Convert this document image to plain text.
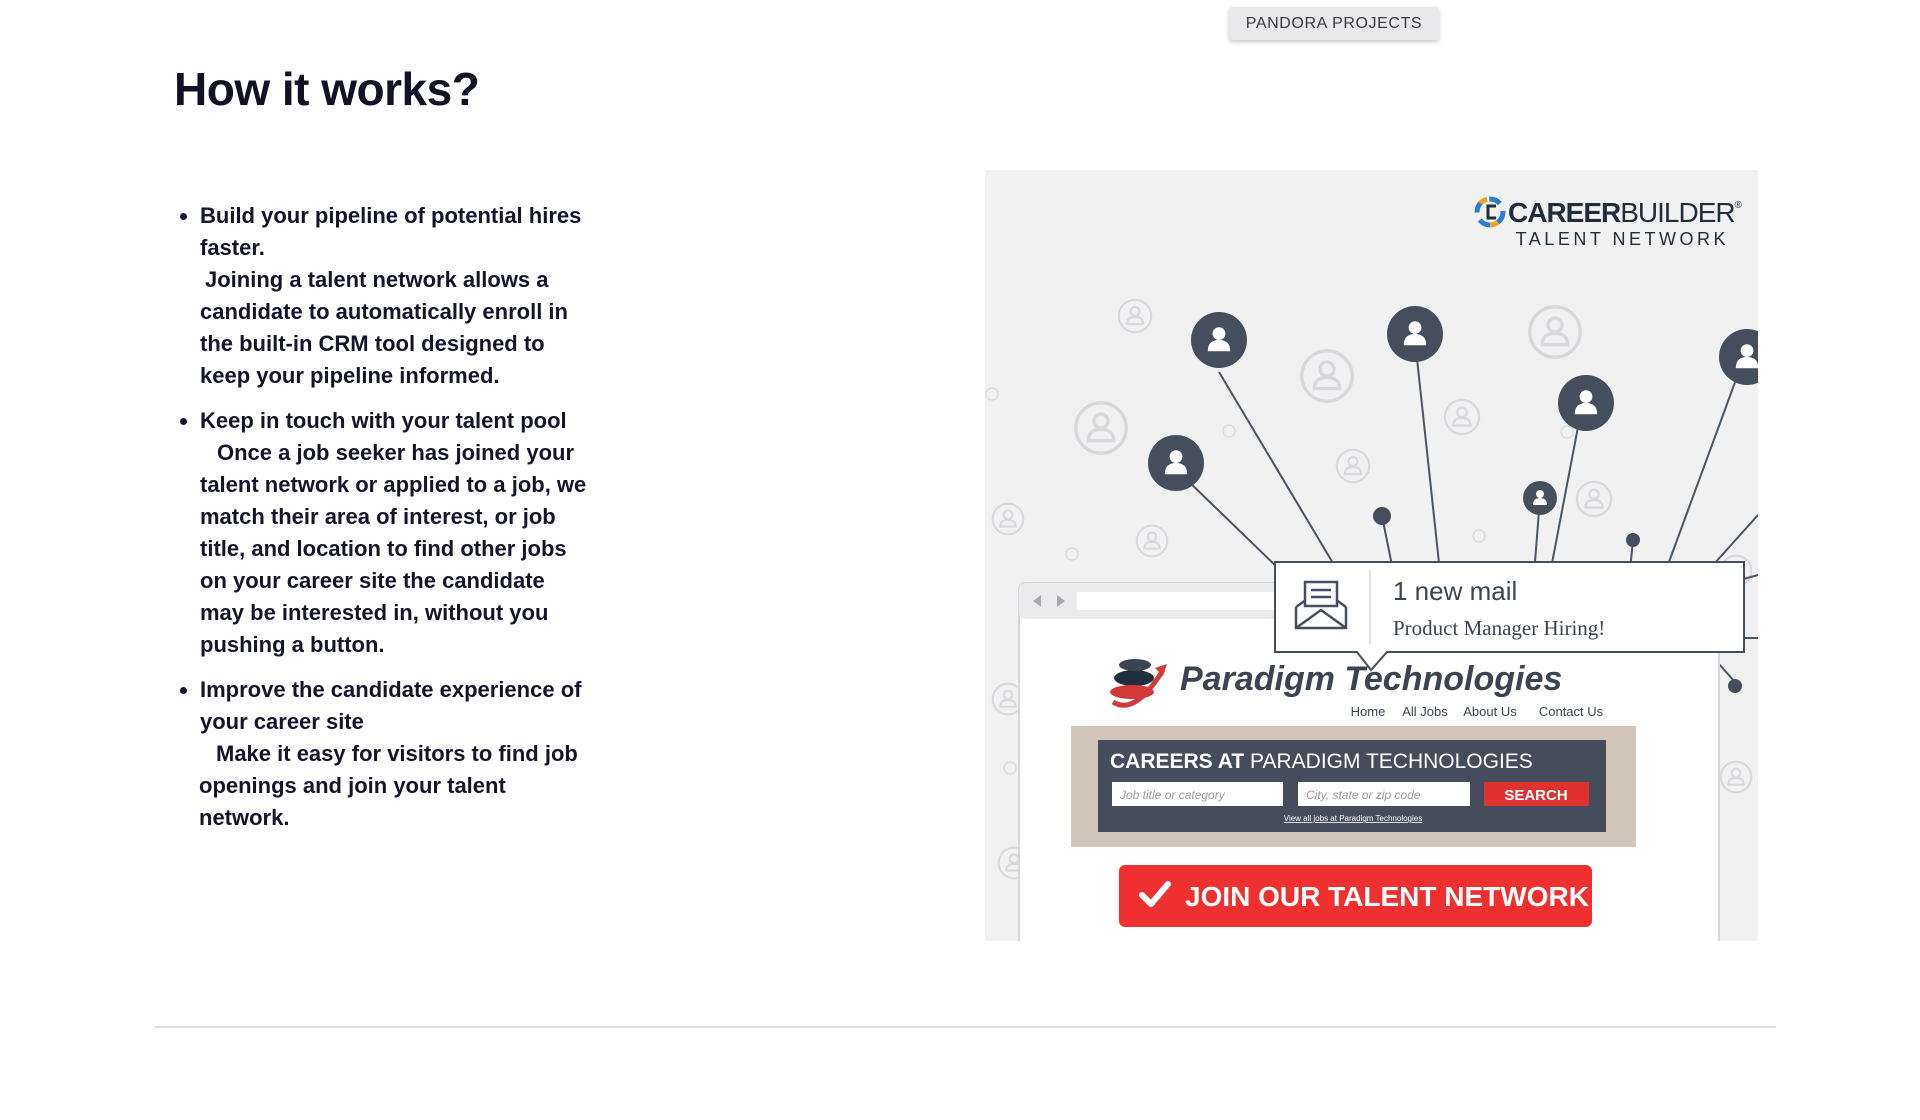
PANDORA PROJECTS
How it works?
• Build your pipeline of potential hires faster.
Joining a talent network allows a candidate to automatically enroll in the built-in CRM tool designed to keep your pipeline informed.
• Keep in touch with your talent pool
Once a job seeker has joined your talent network or applied to a job, we match their area of interest, or job title, and location to find other jobs on your career site the candidate may be interested in, without you pushing a button.
• Improve the candidate experience of your career site
Make it easy for visitors to find job openings and join your talent network.
CAREERBUILDER®
TALENT NETWORK
Paradigm Technologies
Home All Jobs About Us Contact Us
CAREERS AT PARADIGM TECHNOLOGIES
Job title or category	City, state or zip code	SEARCH
View all jobs at Paradigm Technologies
JOIN OUR TALENT NETWORK
1 new mail
Product Manager Hiring!
